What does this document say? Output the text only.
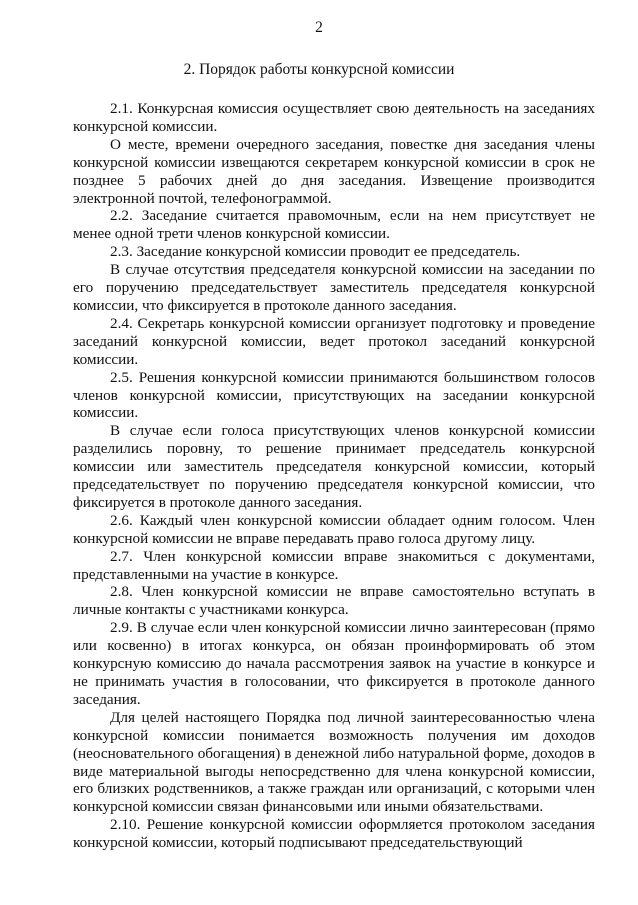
2
2. Порядок работы конкурсной комиссии

2.1. Конкурсная комиссия осуществляет свою деятельность на заседаниях конкурсной комиссии.

О месте, времени очередного заседания, повестке дня заседания члены конкурсной комиссии извещаются секретарем конкурсной комиссии в срок не позднее 5 рабочих дней до дня заседания. Извещение производится электронной почтой, телефонограммой.

2.2. Заседание считается правомочным, если на нем присутствует не менее одной трети членов конкурсной комиссии.

2.3. Заседание конкурсной комиссии проводит ее председатель.

В случае отсутствия председателя конкурсной комиссии на заседании по его поручению председательствует заместитель председателя конкурсной комиссии, что фиксируется в протоколе данного заседания.

2.4. Секретарь конкурсной комиссии организует подготовку и проведение заседаний конкурсной комиссии, ведет протокол заседаний конкурсной комиссии.

2.5. Решения конкурсной комиссии принимаются большинством голосов членов конкурсной комиссии, присутствующих на заседании конкурсной комиссии.

В случае если голоса присутствующих членов конкурсной комиссии разделились поровну, то решение принимает председатель конкурсной комиссии или заместитель председателя конкурсной комиссии, который председательствует по поручению председателя конкурсной комиссии, что фиксируется в протоколе данного заседания.

2.6. Каждый член конкурсной комиссии обладает одним голосом. Член конкурсной комиссии не вправе передавать право голоса другому лицу.

2.7. Член конкурсной комиссии вправе знакомиться с документами, представленными на участие в конкурсе.

2.8. Член конкурсной комиссии не вправе самостоятельно вступать в личные контакты с участниками конкурса.

2.9. В случае если член конкурсной комиссии лично заинтересован (прямо или косвенно) в итогах конкурса, он обязан проинформировать об этом конкурсную комиссию до начала рассмотрения заявок на участие в конкурсе и не принимать участия в голосовании, что фиксируется в протоколе данного заседания.

Для целей настоящего Порядка под личной заинтересованностью члена конкурсной комиссии понимается возможность получения им доходов (неосновательного обогащения) в денежной либо натуральной форме, доходов в виде материальной выгоды непосредственно для члена конкурсной комиссии, его близких родственников, а также граждан или организаций, с которыми член конкурсной комиссии связан финансовыми или иными обязательствами.

2.10. Решение конкурсной комиссии оформляется протоколом заседания конкурсной комиссии, который подписывают председательствующий
